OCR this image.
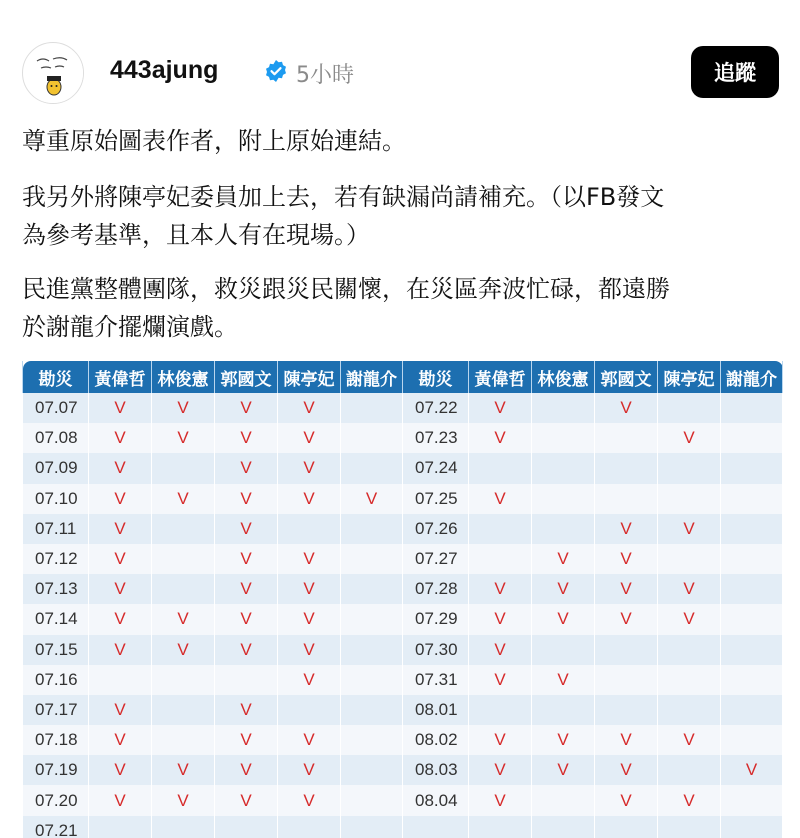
443ajung	5小時	追蹤
尊重原始圖表作者，附上原始連結。
我另外將陳亭妃委員加上去，若有缺漏尚請補充。（以FB發文
為參考基準，且本人有在現場。）
民進黨整體團隊，救災跟災民關懷，在災區奔波忙碌，都遠勝
於謝龍介擺爛演戲。
勘災	黃偉哲	林俊憲	郭國文	陳亭妃	謝龍介	勘災	黃偉哲	林俊憲	郭國文	陳亭妃	謝龍介
07.07	V	V	V	V		07.22	V		V		
07.08	V	V	V	V		07.23	V			V	
07.09	V		V	V		07.24					
07.10	V	V	V	V	V	07.25	V				
07.11	V		V			07.26			V	V	
07.12	V		V	V		07.27		V	V		
07.13	V		V	V		07.28	V	V	V	V	
07.14	V	V	V	V		07.29	V	V	V	V	
07.15	V	V	V	V		07.30	V				
07.16				V		07.31	V	V			
07.17	V		V			08.01					
07.18	V		V	V		08.02	V	V	V	V	
07.19	V	V	V	V		08.03	V	V	V		V
07.20	V	V	V	V		08.04	V		V	V	
07.21											
